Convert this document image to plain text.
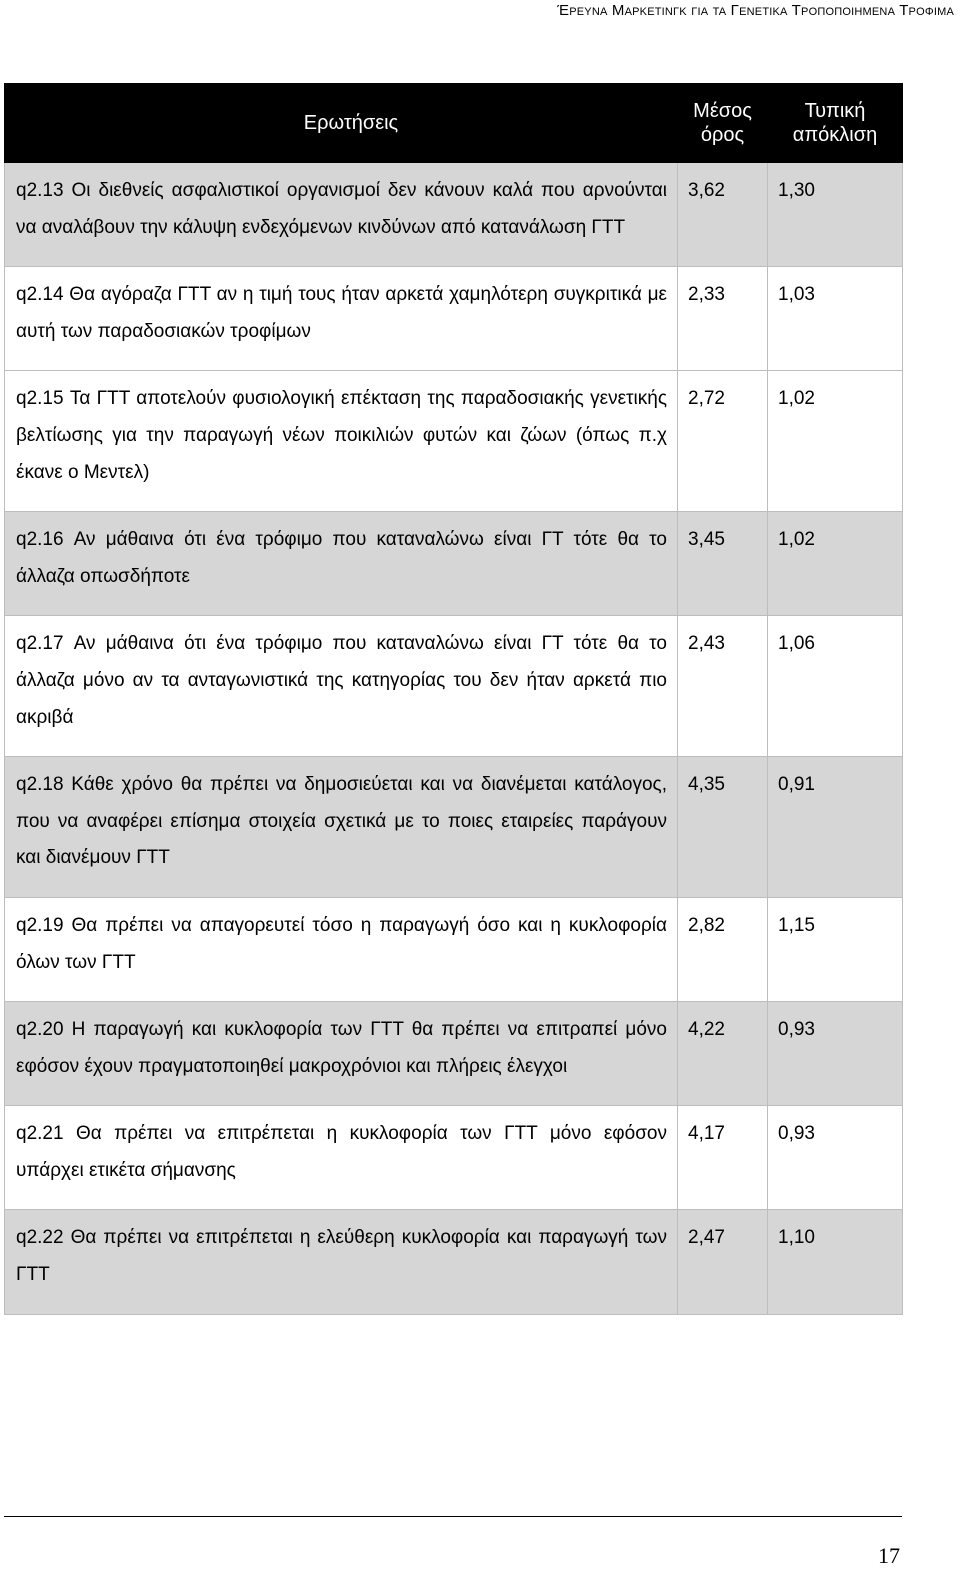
Έρευνα Μαρκετινγκ για τα Γενετικα Τροποποιημενα Τροφιμα
Ερωτήσεις	Μέσος όρος	Τυπική απόκλιση
q2.13 Οι διεθνείς ασφαλιστικοί οργανισμοί δεν κάνουν καλά που αρνούνται να αναλάβουν την κάλυψη ενδεχόμενων κινδύνων από κατανάλωση ΓΤΤ	3,62	1,30
q2.14 Θα αγόραζα ΓΤΤ αν η τιμή τους ήταν αρκετά χαμηλότερη συγκριτικά με αυτή των παραδοσιακών τροφίμων	2,33	1,03
q2.15 Τα ΓΤΤ αποτελούν φυσιολογική επέκταση της παραδοσιακής γενετικής βελτίωσης για την παραγωγή νέων ποικιλιών φυτών και ζώων (όπως π.χ έκανε ο Μεντελ)	2,72	1,02
q2.16 Αν μάθαινα ότι ένα τρόφιμο που καταναλώνω είναι ΓΤ τότε θα το άλλαζα οπωσδήποτε	3,45	1,02
q2.17 Αν μάθαινα ότι ένα τρόφιμο που καταναλώνω είναι ΓΤ τότε θα το άλλαζα μόνο αν τα ανταγωνιστικά της κατηγορίας του δεν ήταν αρκετά πιο ακριβά	2,43	1,06
q2.18 Κάθε χρόνο θα πρέπει να δημοσιεύεται και να διανέμεται κατάλογος, που να αναφέρει επίσημα στοιχεία σχετικά με το ποιες εταιρείες παράγουν και διανέμουν ΓΤΤ	4,35	0,91
q2.19 Θα πρέπει να απαγορευτεί τόσο η παραγωγή όσο και η κυκλοφορία όλων των ΓΤΤ	2,82	1,15
q2.20 Η παραγωγή και κυκλοφορία των ΓΤΤ θα πρέπει να επιτραπεί μόνο εφόσον έχουν πραγματοποιηθεί μακροχρόνιοι και πλήρεις έλεγχοι	4,22	0,93
q2.21 Θα πρέπει να επιτρέπεται η κυκλοφορία των ΓΤΤ μόνο εφόσον υπάρχει ετικέτα σήμανσης	4,17	0,93
q2.22 Θα πρέπει να επιτρέπεται η ελεύθερη κυκλοφορία και παραγωγή των ΓΤΤ	2,47	1,10
17
